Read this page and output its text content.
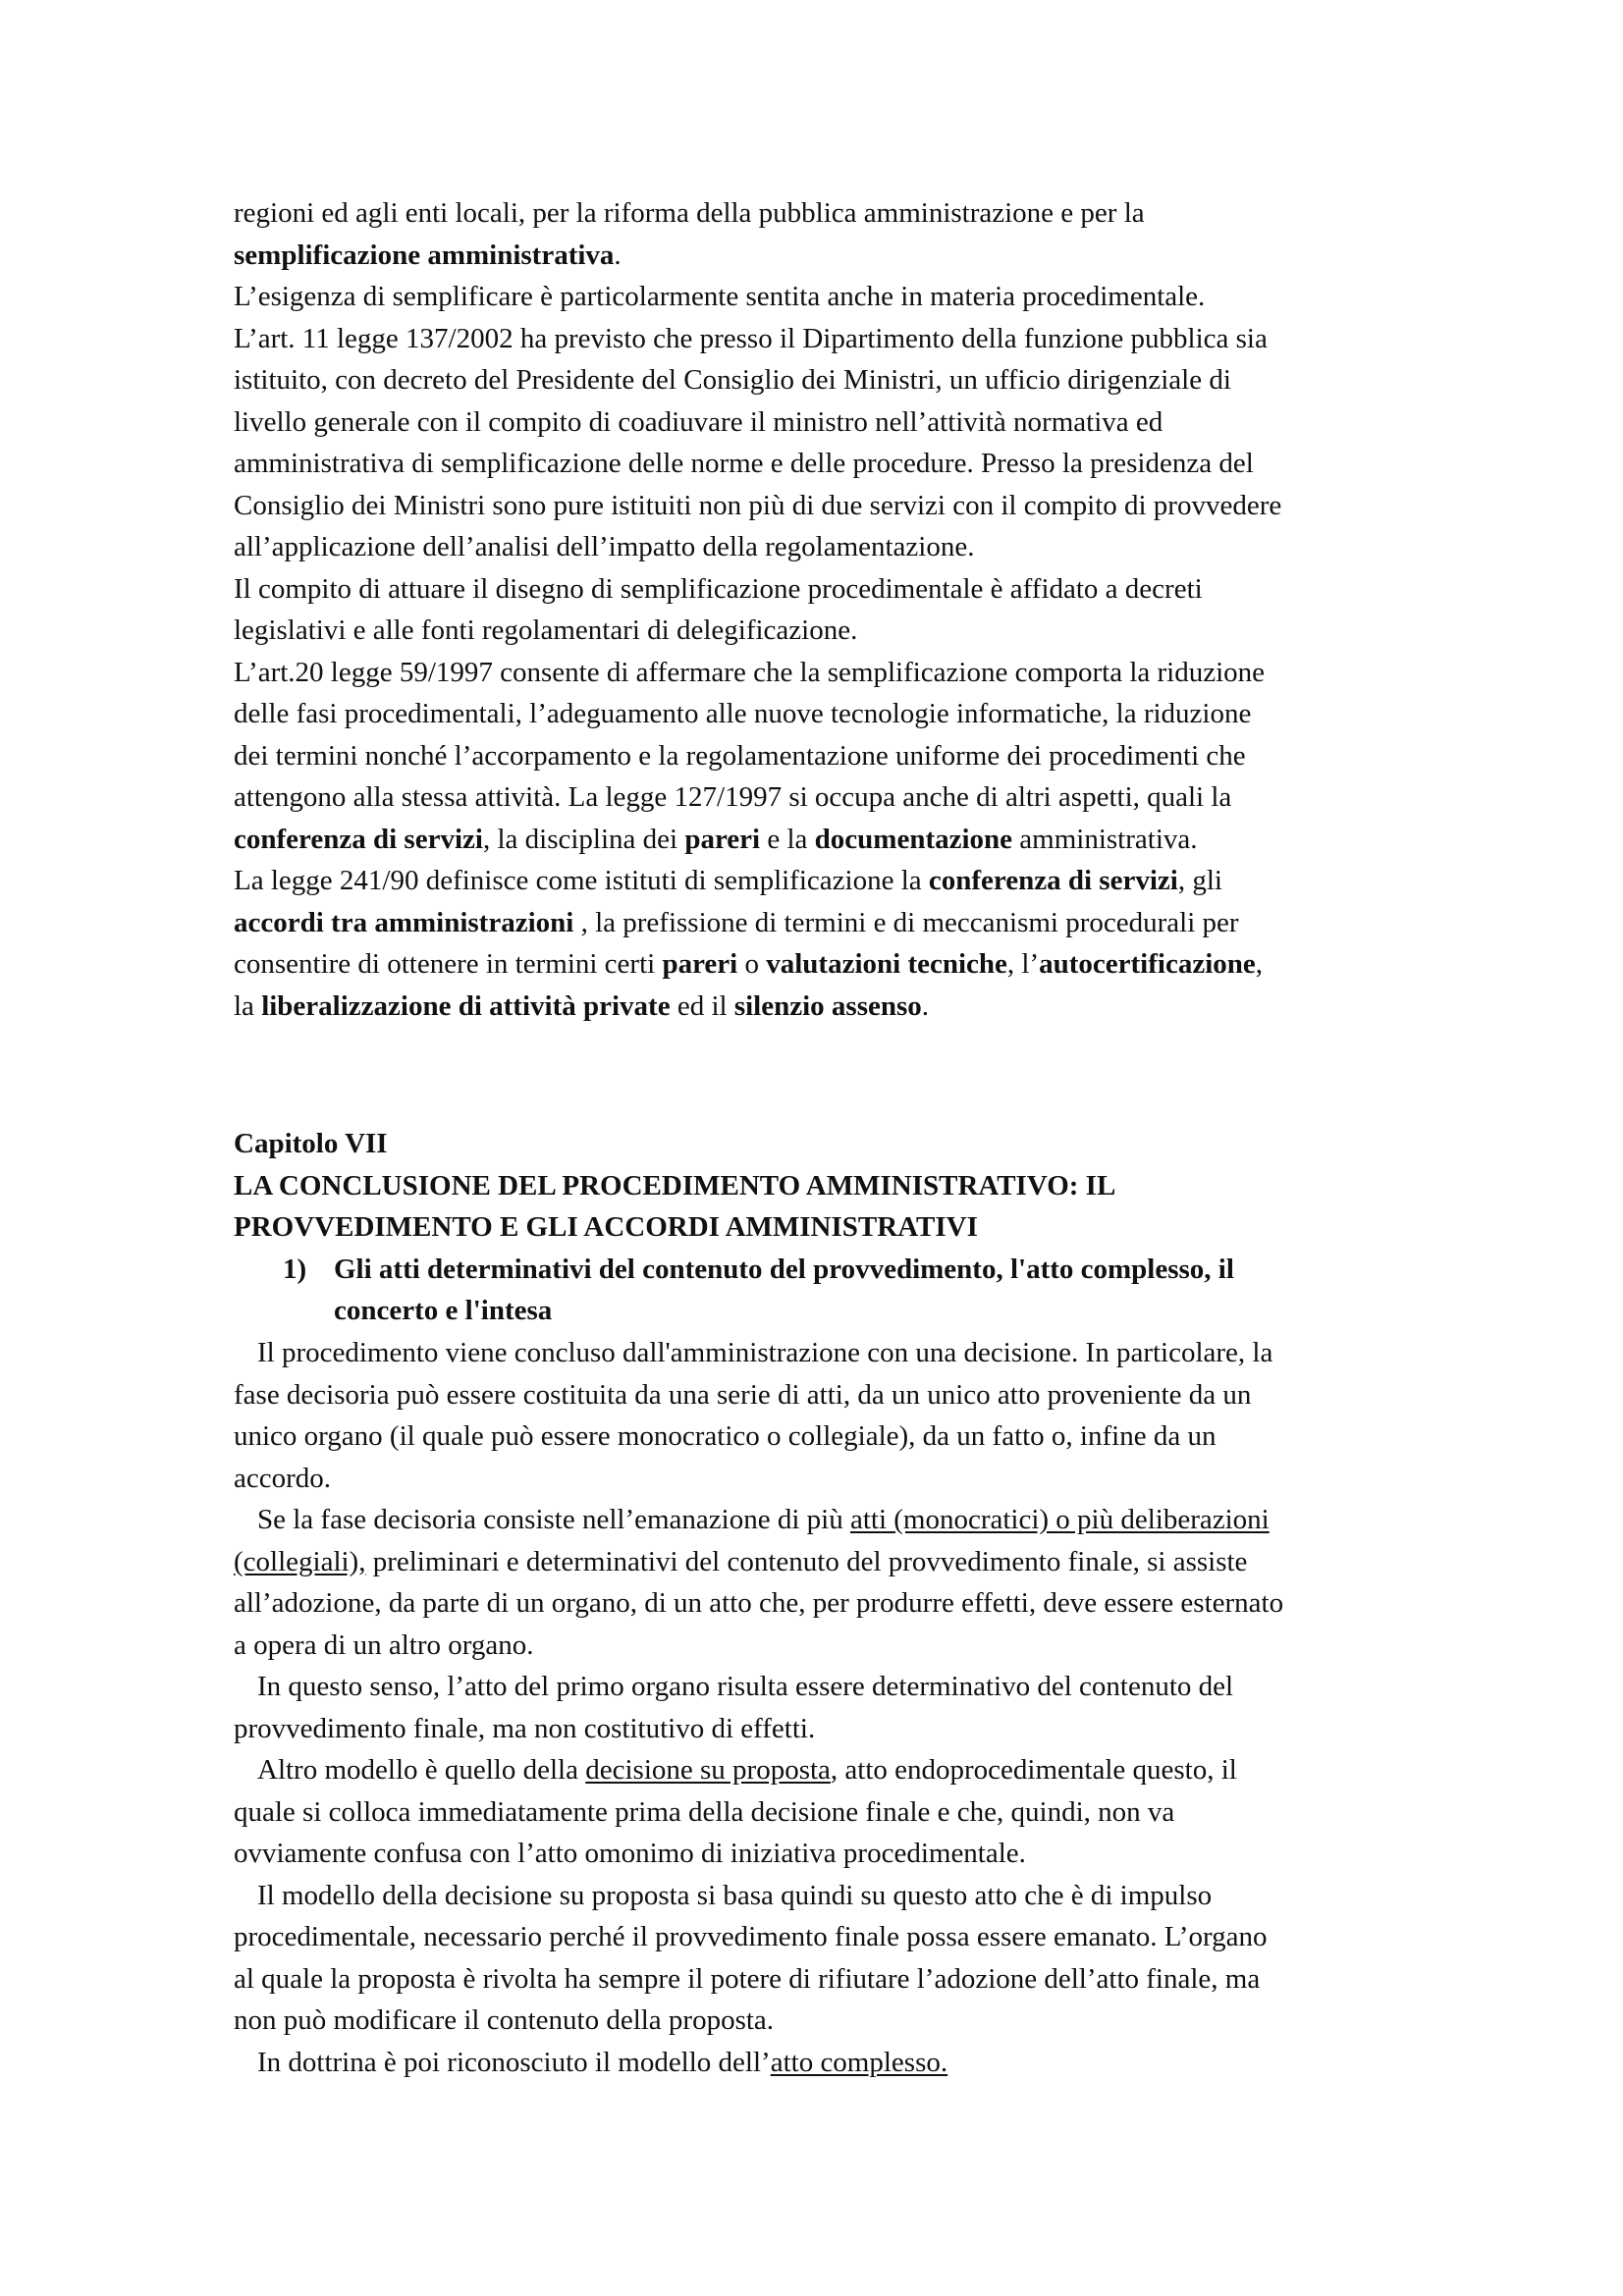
regioni ed agli enti locali, per la riforma della pubblica amministrazione e per la
semplificazione amministrativa.
L’esigenza di semplificare è particolarmente sentita anche in materia procedimentale.
L’art. 11 legge 137/2002 ha previsto che presso il Dipartimento della funzione pubblica sia
istituito, con decreto del Presidente del Consiglio dei Ministri, un ufficio dirigenziale di
livello generale con il compito di coadiuvare il ministro nell’attività normativa ed
amministrativa di semplificazione delle norme e delle procedure. Presso la presidenza del
Consiglio dei Ministri sono pure istituiti non più di due servizi con il compito di provvedere
all’applicazione dell’analisi dell’impatto della regolamentazione.
Il compito di attuare il disegno di semplificazione procedimentale è affidato a decreti
legislativi e alle fonti regolamentari di delegificazione.
L’art.20 legge 59/1997 consente di affermare che la semplificazione comporta la riduzione
delle fasi procedimentali, l’adeguamento alle nuove tecnologie informatiche, la riduzione
dei termini nonché l’accorpamento e la regolamentazione uniforme dei procedimenti che
attengono alla stessa attività. La legge 127/1997 si occupa anche di altri aspetti, quali la
conferenza di servizi, la disciplina dei pareri e la documentazione amministrativa.
La legge 241/90 definisce come istituti di semplificazione la conferenza di servizi, gli
accordi tra amministrazioni , la prefissione di termini e di meccanismi procedurali per
consentire di ottenere in termini certi pareri o valutazioni tecniche, l’autocertificazione,
la liberalizzazione di attività private ed il silenzio assenso.
Capitolo VII
LA CONCLUSIONE DEL PROCEDIMENTO AMMINISTRATIVO: IL
PROVVEDIMENTO E GLI ACCORDI AMMINISTRATIVI
1) Gli atti determinativi del contenuto del provvedimento, l'atto complesso, il
concerto e l'intesa
Il procedimento viene concluso dall'amministrazione con una decisione. In particolare, la
fase decisoria può essere costituita da una serie di atti, da un unico atto proveniente da un
unico organo (il quale può essere monocratico o collegiale), da un fatto o, infine da un
accordo.
Se la fase decisoria consiste nell’emanazione di più atti (monocratici) o più deliberazioni
(collegiali), preliminari e determinativi del contenuto del provvedimento finale, si assiste
all’adozione, da parte di un organo, di un atto che, per produrre effetti, deve essere esternato
a opera di un altro organo.
In questo senso, l’atto del primo organo risulta essere determinativo del contenuto del
provvedimento finale, ma non costitutivo di effetti.
Altro modello è quello della decisione su proposta, atto endoprocedimentale questo, il
quale si colloca immediatamente prima della decisione finale e che, quindi, non va
ovviamente confusa con l’atto omonimo di iniziativa procedimentale.
Il modello della decisione su proposta si basa quindi su questo atto che è di impulso
procedimentale, necessario perché il provvedimento finale possa essere emanato. L’organo
al quale la proposta è rivolta ha sempre il potere di rifiutare l’adozione dell’atto finale, ma
non può modificare il contenuto della proposta.
In dottrina è poi riconosciuto il modello dell’atto complesso.
